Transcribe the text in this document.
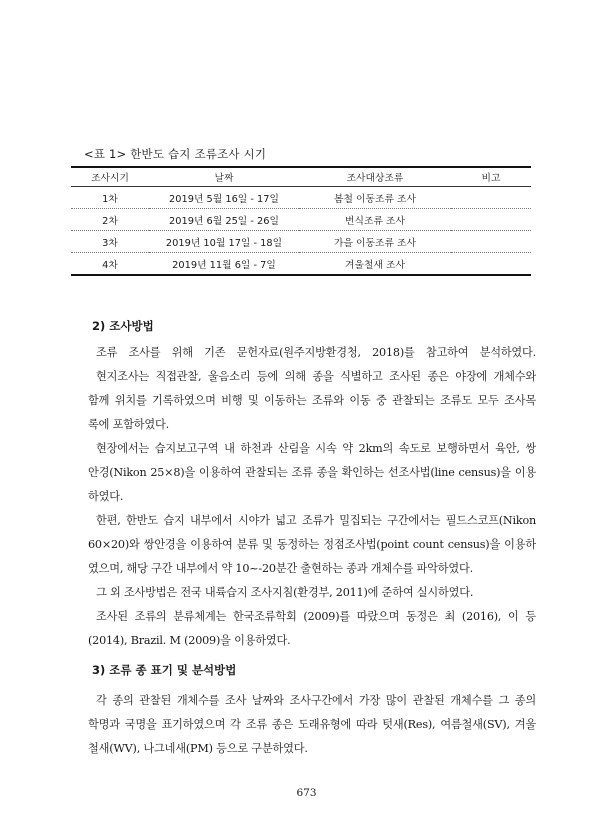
<표 1> 한반도 습지 조류조사 시기
조사시기	날짜	조사대상조류	비고
1차	2019년 5월 16일 - 17일	봄철 이동조류 조사	
2차	2019년 6월 25일 - 26일	번식조류 조사	
3차	2019년 10월 17일 - 18일	가을 이동조류 조사	
4차	2019년 11월 6일 - 7일	겨울철새 조사	
2) 조사방법
조류 조사를 위해 기존 문헌자료(원주지방환경청, 2018)를 참고하여 분석하였다.
현지조사는 직접관찰, 울음소리 등에 의해 종을 식별하고 조사된 종은 야장에 개체수와
함께 위치를 기록하였으며 비행 및 이동하는 조류와 이동 중 관찰되는 조류도 모두 조사목
록에 포함하였다.
현장에서는 습지보고구역 내 하천과 산림을 시속 약 2km의 속도로 보행하면서 육안, 쌍
안경(Nikon 25×8)을 이용하여 관찰되는 조류 종을 확인하는 선조사법(line census)을 이용
하였다.
한편, 한반도 습지 내부에서 시야가 넓고 조류가 밀집되는 구간에서는 필드스코프(Nikon
60×20)와 쌍안경을 이용하여 분류 및 동정하는 정점조사법(point count census)을 이용하
였으며, 해당 구간 내부에서 약 10~-20분간 출현하는 종과 개체수를 파악하였다.
그 외 조사방법은 전국 내륙습지 조사지침(환경부, 2011)에 준하여 실시하였다.
조사된 조류의 분류체계는 한국조류학회 (2009)를 따랐으며 동정은 최 (2016), 이 등
(2014), Brazil. M (2009)을 이용하였다.
3) 조류 종 표기 및 분석방법
각 종의 관찰된 개체수를 조사 날짜와 조사구간에서 가장 많이 관찰된 개체수를 그 종의
학명과 국명을 표기하였으며 각 조류 종은 도래유형에 따라 텃새(Res), 여름철새(SV), 겨울
철새(WV), 나그네새(PM) 등으로 구분하였다.
673
